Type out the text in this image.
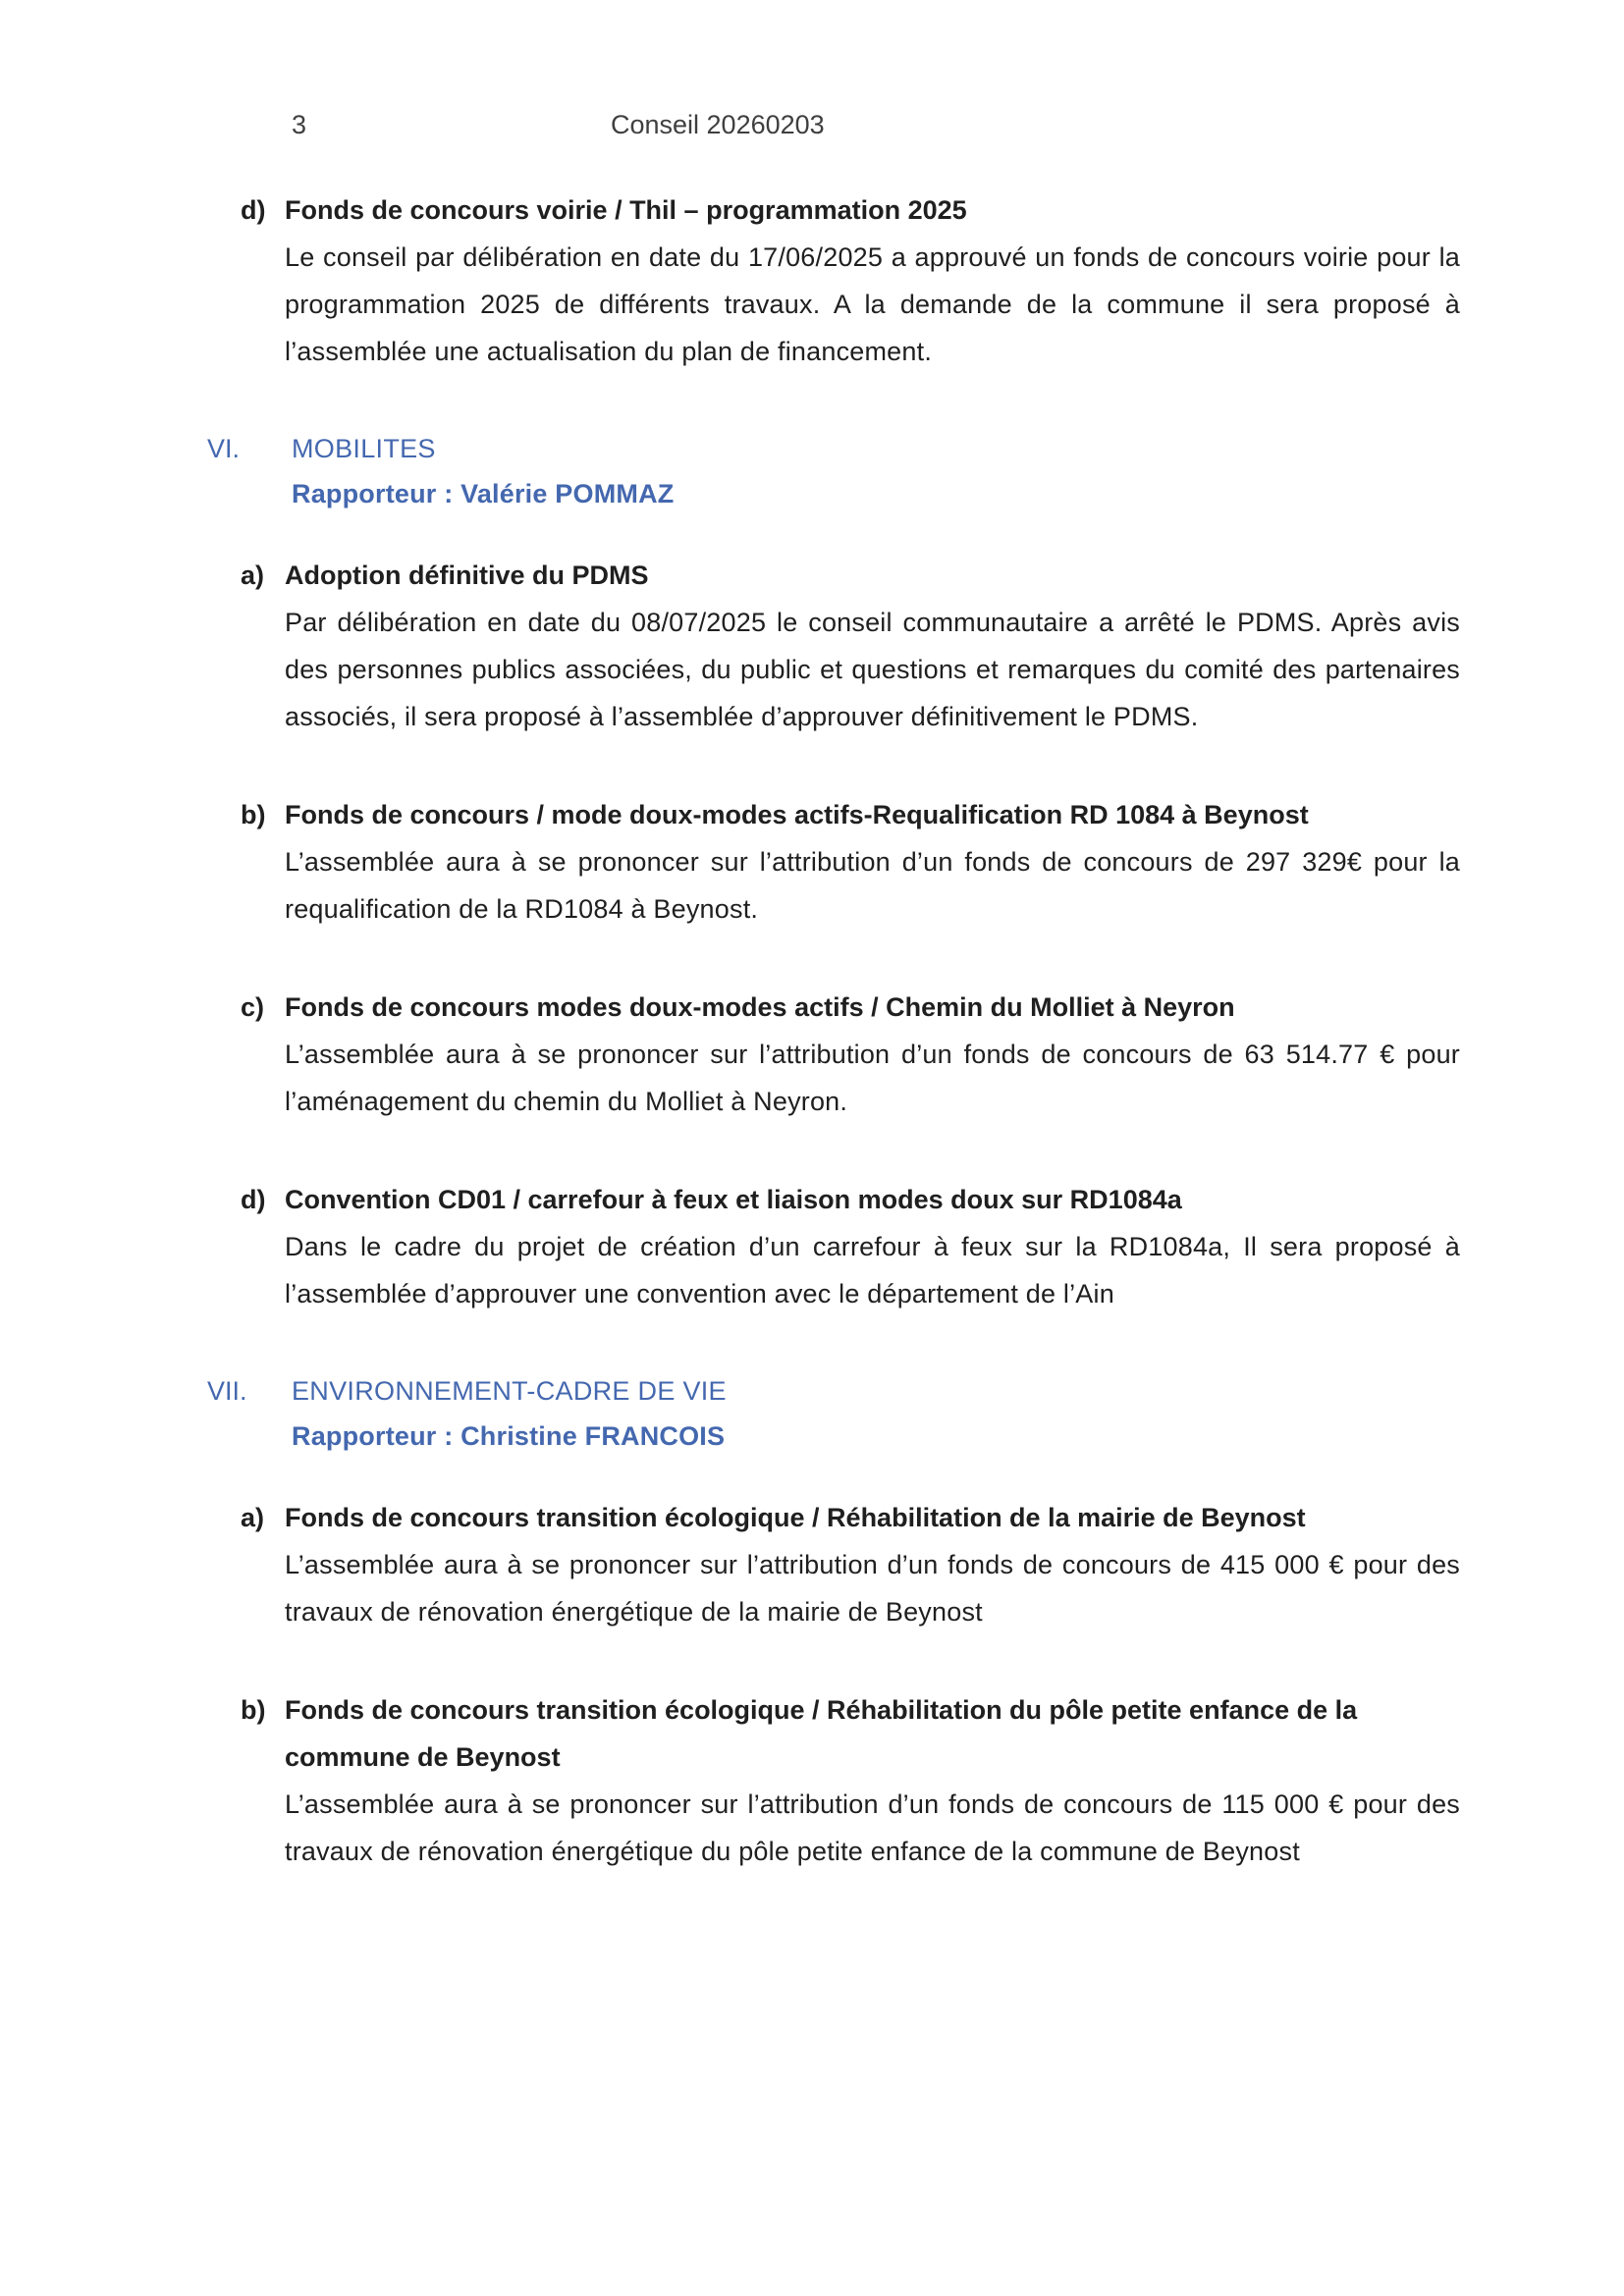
3	Conseil 20260203
d) Fonds de concours voirie / Thil – programmation 2025
Le conseil par délibération en date du 17/06/2025 a approuvé un fonds de concours voirie pour la programmation 2025 de différents travaux. A la demande de la commune il sera proposé à l’assemblée une actualisation du plan de financement.
VI.	MOBILITES
Rapporteur : Valérie POMMAZ
a) Adoption définitive du PDMS
Par délibération en date du 08/07/2025 le conseil communautaire a arrêté le PDMS. Après avis des personnes publics associées, du public et questions et remarques du comité des partenaires associés, il sera proposé à l’assemblée d’approuver définitivement le PDMS.
b) Fonds de concours / mode doux-modes actifs-Requalification RD 1084 à Beynost
L’assemblée aura à se prononcer sur l’attribution d’un fonds de concours de 297 329€ pour la requalification de la RD1084 à Beynost.
c) Fonds de concours modes doux-modes actifs / Chemin du Molliet à Neyron
L’assemblée aura à se prononcer sur l’attribution d’un fonds de concours de 63 514.77 € pour l’aménagement du chemin du Molliet à Neyron.
d) Convention CD01 / carrefour à feux et liaison modes doux sur RD1084a
Dans le cadre du projet de création d’un carrefour à feux sur la RD1084a, Il sera proposé à l’assemblée d’approuver une convention avec le département de l’Ain
VII.	ENVIRONNEMENT-CADRE DE VIE
Rapporteur : Christine FRANCOIS
a) Fonds de concours transition écologique / Réhabilitation de la mairie de Beynost
L’assemblée aura à se prononcer sur l’attribution d’un fonds de concours de 415 000 € pour des travaux de rénovation énergétique de la mairie de Beynost
b) Fonds de concours transition écologique / Réhabilitation du pôle petite enfance de la commune de Beynost
L’assemblée aura à se prononcer sur l’attribution d’un fonds de concours de 115 000 € pour des travaux de rénovation énergétique du pôle petite enfance de la commune de Beynost
